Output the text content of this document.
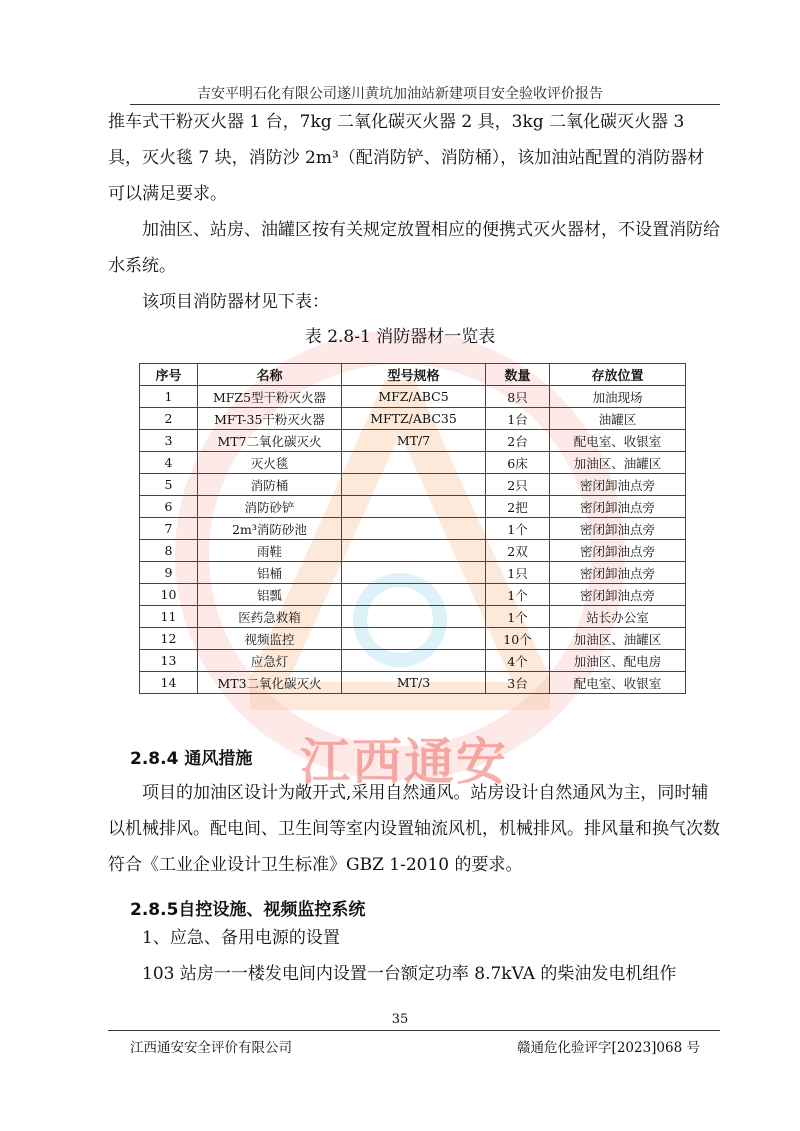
吉安平明石化有限公司遂川黄坑加油站新建项目安全验收评价报告

推车式干粉灭火器 1 台，7kg 二氧化碳灭火器 2 具，3kg 二氧化碳灭火器 3 具，灭火毯 7 块，消防沙 2m³（配消防铲、消防桶），该加油站配置的消防器材可以满足要求。

加油区、站房、油罐区按有关规定放置相应的便携式灭火器材，不设置消防给水系统。

该项目消防器材见下表：

表 2.8-1 消防器材一览表
序号	名称	型号规格	数量	存放位置
1	MFZ5型干粉灭火器	MFZ/ABC5	8只	加油现场
2	MFT-35干粉灭火器	MFTZ/ABC35	1台	油罐区
3	MT7二氧化碳灭火	MT/7	2台	配电室、收银室
4	灭火毯		6床	加油区、油罐区
5	消防桶		2只	密闭卸油点旁
6	消防砂铲		2把	密闭卸油点旁
7	2m³消防砂池		1个	密闭卸油点旁
8	雨鞋		2双	密闭卸油点旁
9	铝桶		1只	密闭卸油点旁
10	铝瓢		1个	密闭卸油点旁
11	医药急救箱		1个	站长办公室
12	视频监控		10个	加油区、油罐区
13	应急灯		4个	加油区、配电房
14	MT3二氧化碳灭火	MT/3	3台	配电室、收银室
江西通安
2.8.4 通风措施

项目的加油区设计为敞开式,采用自然通风。站房设计自然通风为主，同时辅以机械排风。配电间、卫生间等室内设置轴流风机，机械排风。排风量和换气次数符合《工业企业设计卫生标准》GBZ 1-2010 的要求。

2.8.5自控设施、视频监控系统

1、应急、备用电源的设置

103 站房一一楼发电间内设置一台额定功率 8.7kVA 的柴油发电机组作

35
江西通安安全评价有限公司	赣通危化验评字[2023]068 号
